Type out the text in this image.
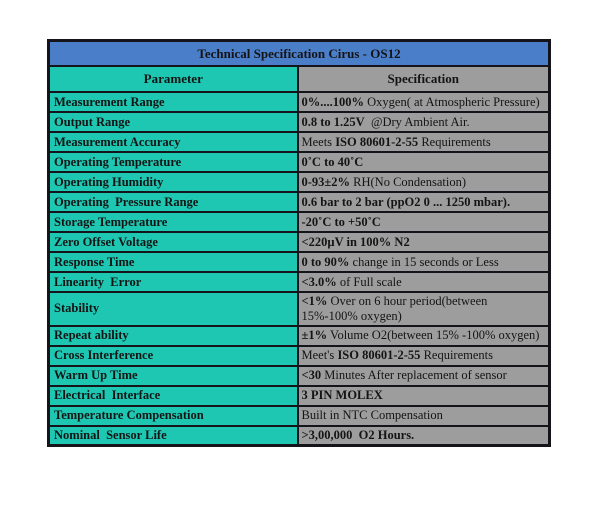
Technical Specification Cirus - OS12	
Parameter	Specification
Measurement Range	0%....100% Oxygen( at Atmospheric Pressure)
Output Range	0.8 to 1.25V  @Dry Ambient Air.
Measurement Accuracy	Meets ISO 80601-2-55 Requirements
Operating Temperature	0˚C to 40˚C
Operating Humidity	0-93±2% RH(No Condensation)
Operating  Pressure Range	0.6 bar to 2 bar (ppO2 0 ... 1250 mbar).
Storage Temperature	-20˚C to +50˚C
Zero Offset Voltage	<220µV in 100% N2
Response Time	0 to 90% change in 15 seconds or Less
Linearity  Error	<3.0% of Full scale
Stability	<1% Over on 6 hour period(between 15%-100% oxygen)
Repeat ability	±1% Volume O2(between 15% -100% oxygen)
Cross Interference	Meet's ISO 80601-2-55 Requirements
Warm Up Time	<30 Minutes After replacement of sensor
Electrical  Interface	3 PIN MOLEX
Temperature Compensation	Built in NTC Compensation
Nominal  Sensor Life	>3,00,000  O2 Hours.
